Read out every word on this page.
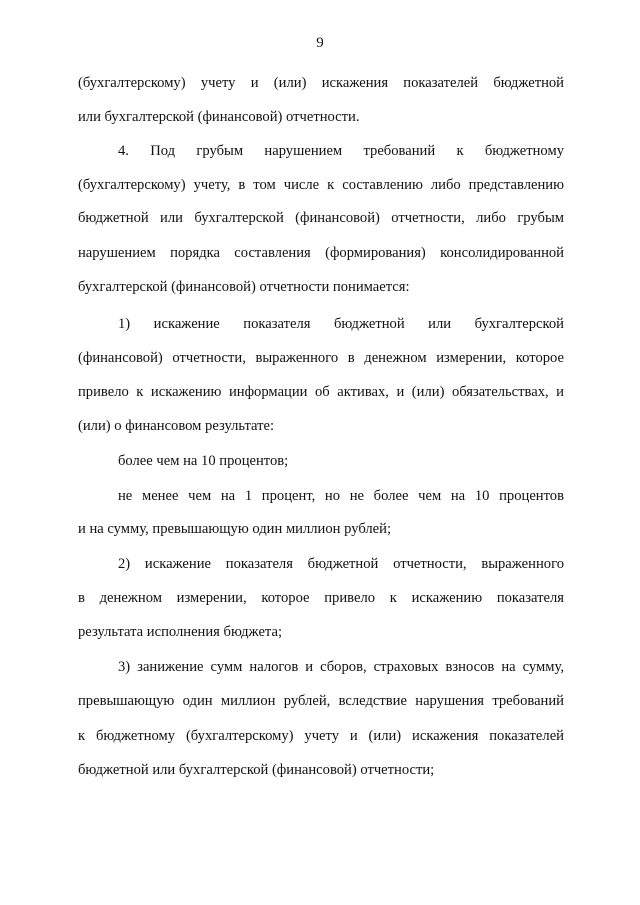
9
(бухгалтерскому) учету и (или) искажения показателей бюджетной
или бухгалтерской (финансовой) отчетности.
4. Под грубым нарушением требований к бюджетному
(бухгалтерскому) учету, в том числе к составлению либо представлению
бюджетной или бухгалтерской (финансовой) отчетности, либо грубым
нарушением порядка составления (формирования) консолидированной
бухгалтерской (финансовой) отчетности понимается:
1) искажение показателя бюджетной или бухгалтерской
(финансовой) отчетности, выраженного в денежном измерении, которое
привело к искажению информации об активах, и (или) обязательствах, и
(или) о финансовом результате:
более чем на 10 процентов;
не менее чем на 1 процент, но не более чем на 10 процентов
и на сумму, превышающую один миллион рублей;
2) искажение показателя бюджетной отчетности, выраженного
в денежном измерении, которое привело к искажению показателя
результата исполнения бюджета;
3) занижение сумм налогов и сборов, страховых взносов на сумму,
превышающую один миллион рублей, вследствие нарушения требований
к бюджетному (бухгалтерскому) учету и (или) искажения показателей
бюджетной или бухгалтерской (финансовой) отчетности;
